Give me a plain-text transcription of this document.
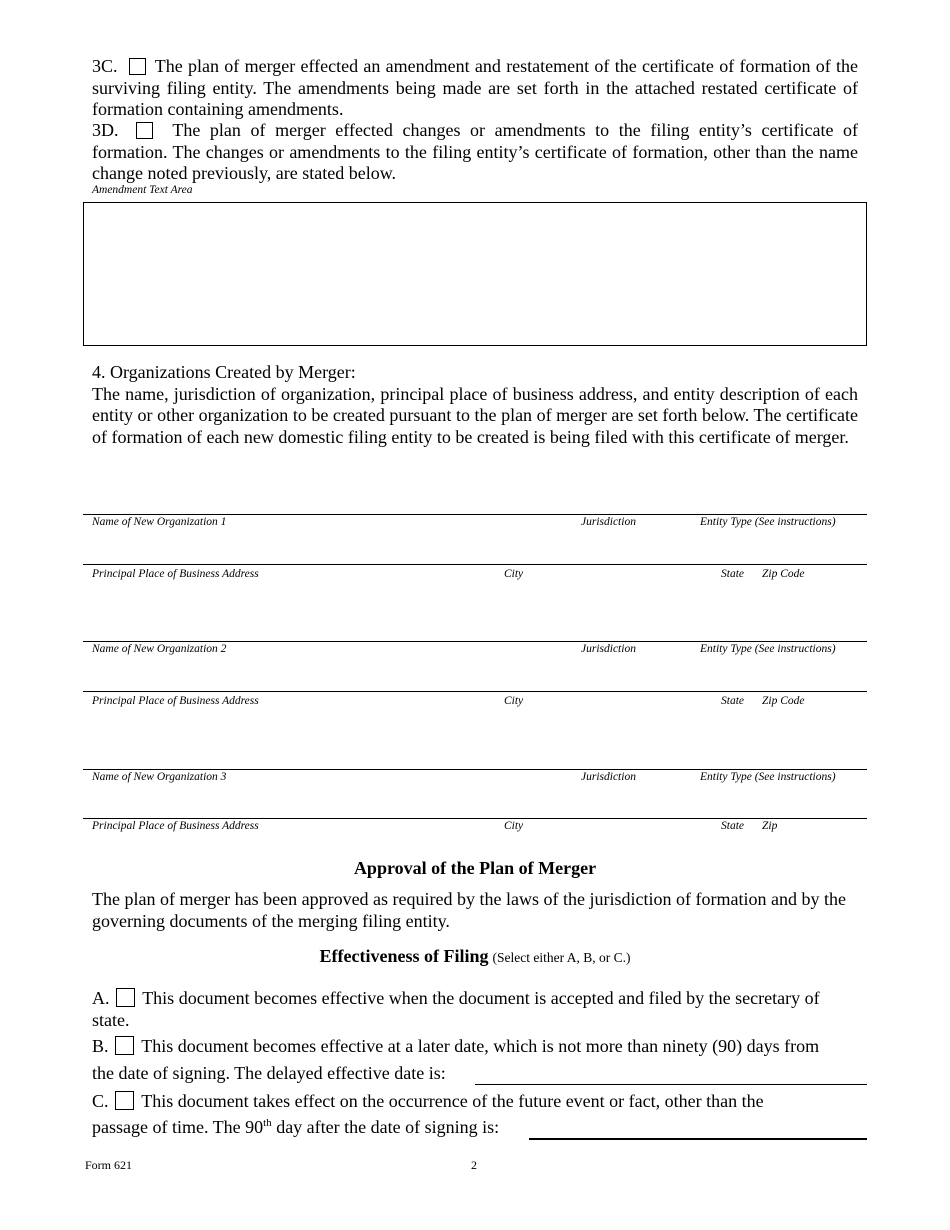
3C. The plan of merger effected an amendment and restatement of the certificate of formation of the surviving filing entity. The amendments being made are set forth in the attached restated certificate of formation containing amendments.
3D.	The plan of merger effected changes or amendments to the filing entity’s certificate of formation. The changes or amendments to the filing entity’s certificate of formation, other than the name change noted previously, are stated below.
Amendment Text Area
4. Organizations Created by Merger:
The name, jurisdiction of organization, principal place of business address, and entity description of each entity or other organization to be created pursuant to the plan of merger are set forth below. The certificate of formation of each new domestic filing entity to be created is being filed with this certificate of merger.
Name of New Organization 1	Jurisdiction	Entity Type (See instructions)
Principal Place of Business Address	City	State Zip Code
Name of New Organization 2	Jurisdiction	Entity Type (See instructions)
Principal Place of Business Address	City	State Zip Code
Name of New Organization 3	Jurisdiction	Entity Type (See instructions)
Principal Place of Business Address	City	State Zip
Approval of the Plan of Merger
The plan of merger has been approved as required by the laws of the jurisdiction of formation and by the governing documents of the merging filing entity.
Effectiveness of Filing (Select either A, B, or C.)
A. This document becomes effective when the document is accepted and filed by the secretary of state.
B. This document becomes effective at a later date, which is not more than ninety (90) days from
the date of signing. The delayed effective date is:
C. This document takes effect on the occurrence of the future event or fact, other than the
passage of time. The 90th day after the date of signing is:
Form 621	2
